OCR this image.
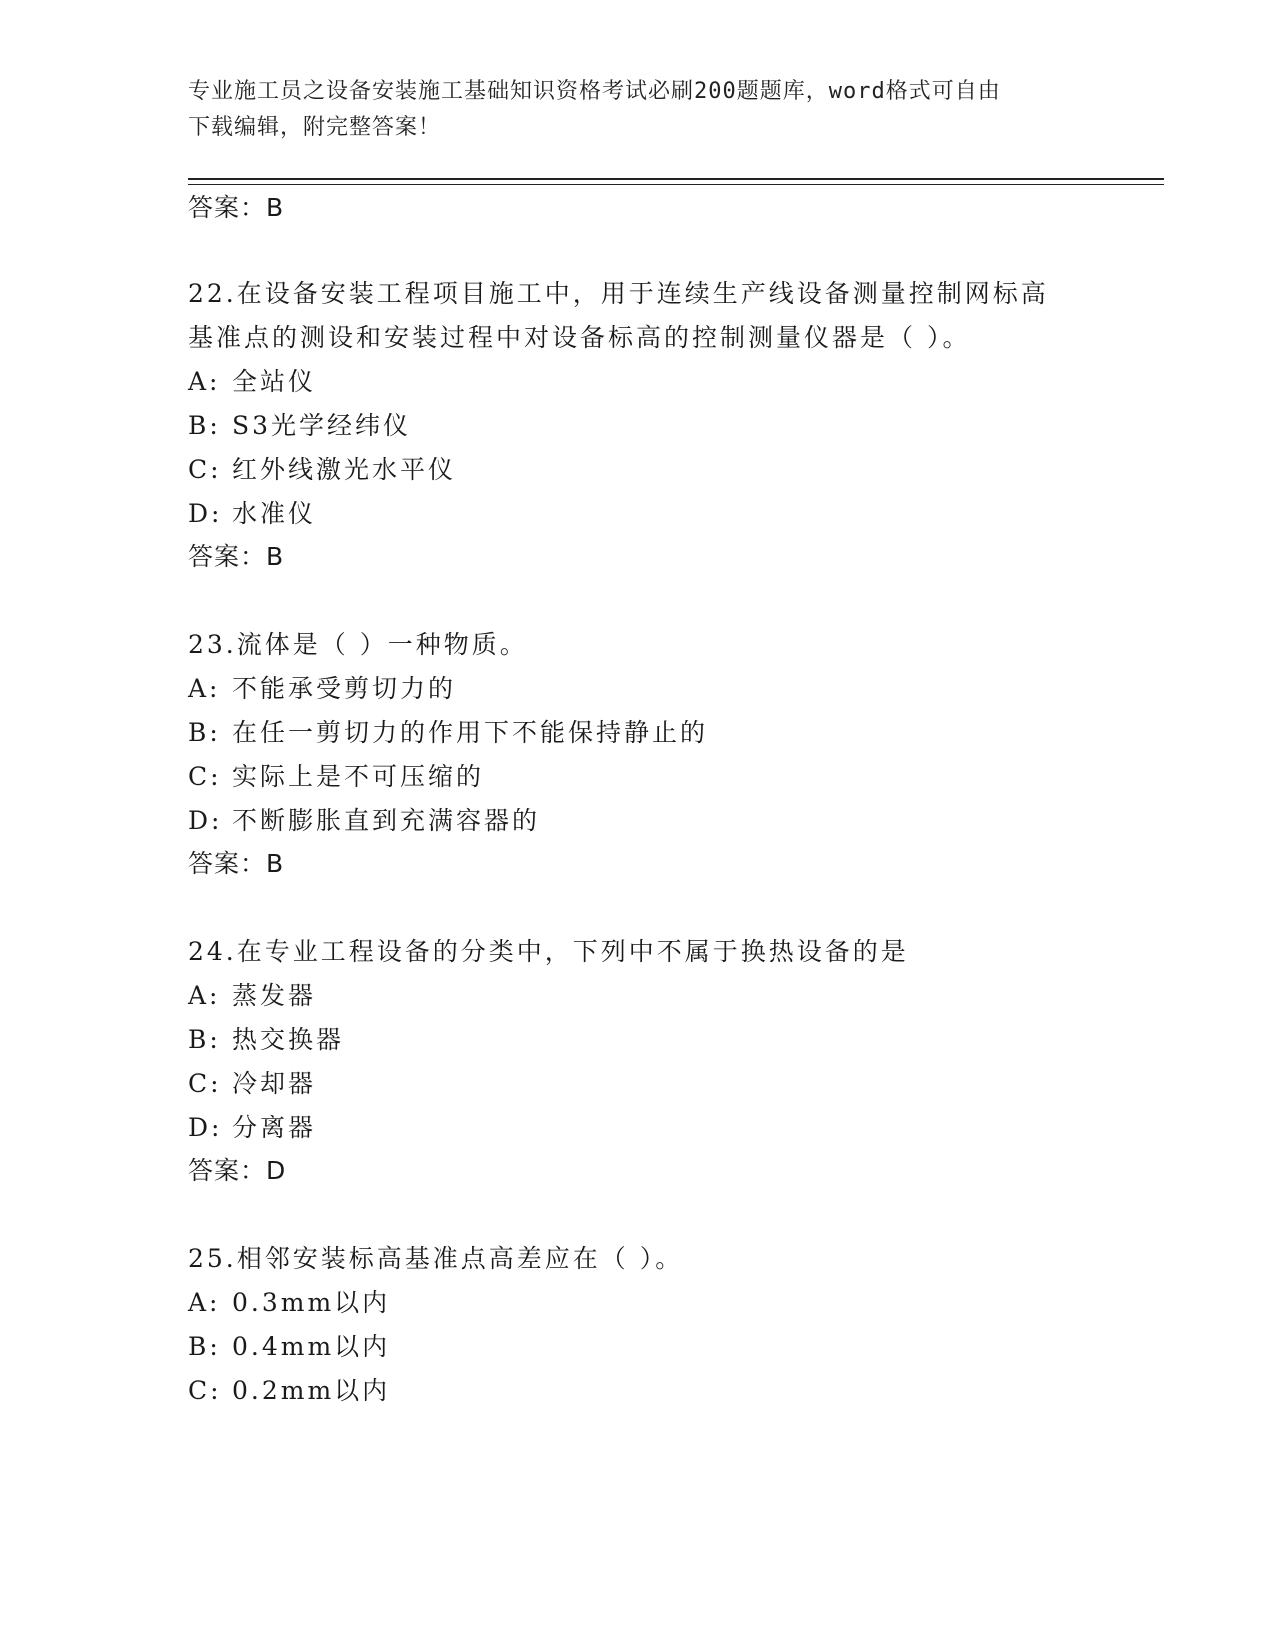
专业施工员之设备安装施工基础知识资格考试必刷200题题库，word格式可自由
下载编辑，附完整答案！
答案：B
22.在设备安装工程项目施工中，用于连续生产线设备测量控制网标高
基准点的测设和安装过程中对设备标高的控制测量仪器是（ ）。
A: 全站仪
B: S3光学经纬仪
C: 红外线激光水平仪
D: 水准仪
答案：B
23.流体是（ ）一种物质。
A: 不能承受剪切力的
B: 在任一剪切力的作用下不能保持静止的
C: 实际上是不可压缩的
D: 不断膨胀直到充满容器的
答案：B
24.在专业工程设备的分类中，下列中不属于换热设备的是
A: 蒸发器
B: 热交换器
C: 冷却器
D: 分离器
答案：D
25.相邻安装标高基准点高差应在（ ）。
A: 0.3mm以内
B: 0.4mm以内
C: 0.2mm以内
